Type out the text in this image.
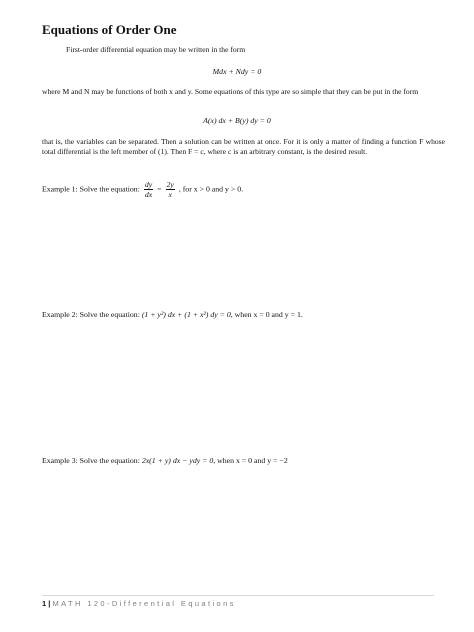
Equations of Order One
First-order differential equation may be written in the form
Mdx + Ndy = 0
where M and N may be functions of both x and y. Some equations of this type are so simple that they can be put in the form
A(x) dx + B(y) dy = 0
that is, the variables can be separated. Then a solution can be written at once. For it is only a matter of finding a function F whose total differential is the left member of (1). Then F = c, where c is an arbitrary constant, is the desired result.
Example 1: Solve the equation: $\frac{dy}{dx} = \frac{2y}{x}$ , for x > 0 and y > 0.
Example 2: Solve the equation: (1 + y²) dx + (1 + x²) dy = 0, when x = 0 and y = 1.
Example 3: Solve the equation: 2x(1 + y) dx − ydy = 0, when x = 0 and y = −2
1 | MATH 120-Differential Equations
